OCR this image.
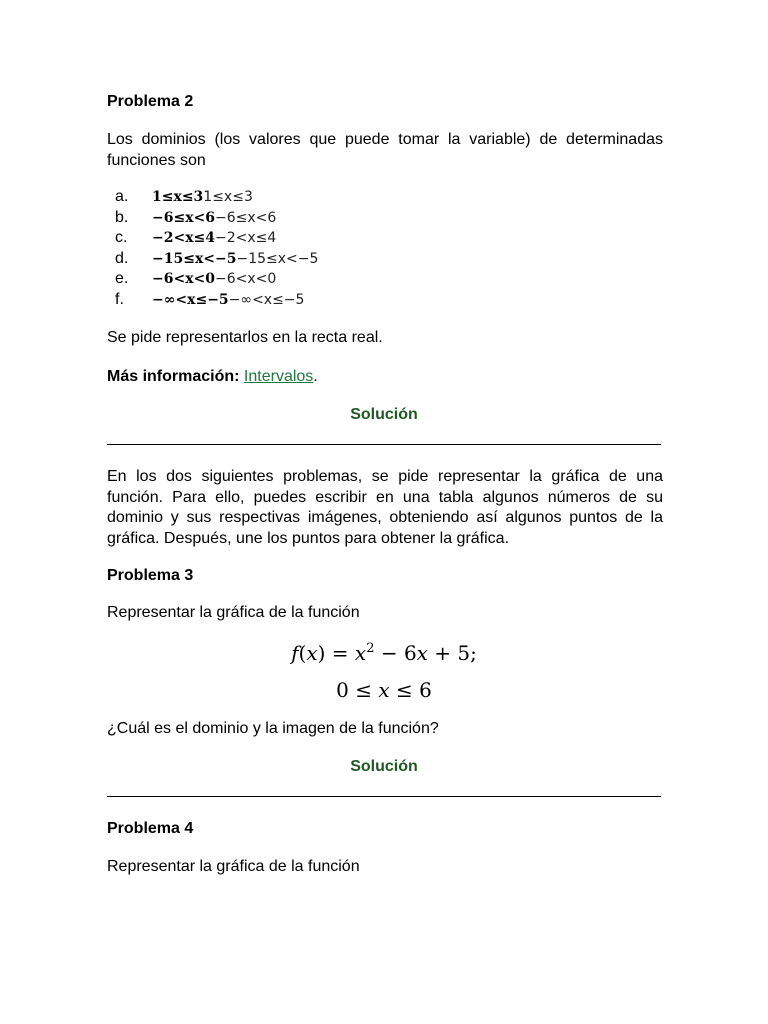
Problema 2
Los dominios (los valores que puede tomar la variable) de determinadas funciones son
a. 1≤x≤31≤x≤3
b. −6≤x<6−6≤x<6
c. −2<x≤4−2<x≤4
d. −15≤x<−5−15≤x<−5
e. −6<x<0−6<x<0
f. −∞<x≤−5−∞<x≤−5
Se pide representarlos en la recta real.
Más información: Intervalos.
Solución
En los dos siguientes problemas, se pide representar la gráfica de una función. Para ello, puedes escribir en una tabla algunos números de su dominio y sus respectivas imágenes, obteniendo así algunos puntos de la gráfica. Después, une los puntos para obtener la gráfica.
Problema 3
Representar la gráfica de la función
$f(x) = x^2 - 6x + 5$;
0 ≤ x ≤ 6
¿Cuál es el dominio y la imagen de la función?
Solución
Problema 4
Representar la gráfica de la función
